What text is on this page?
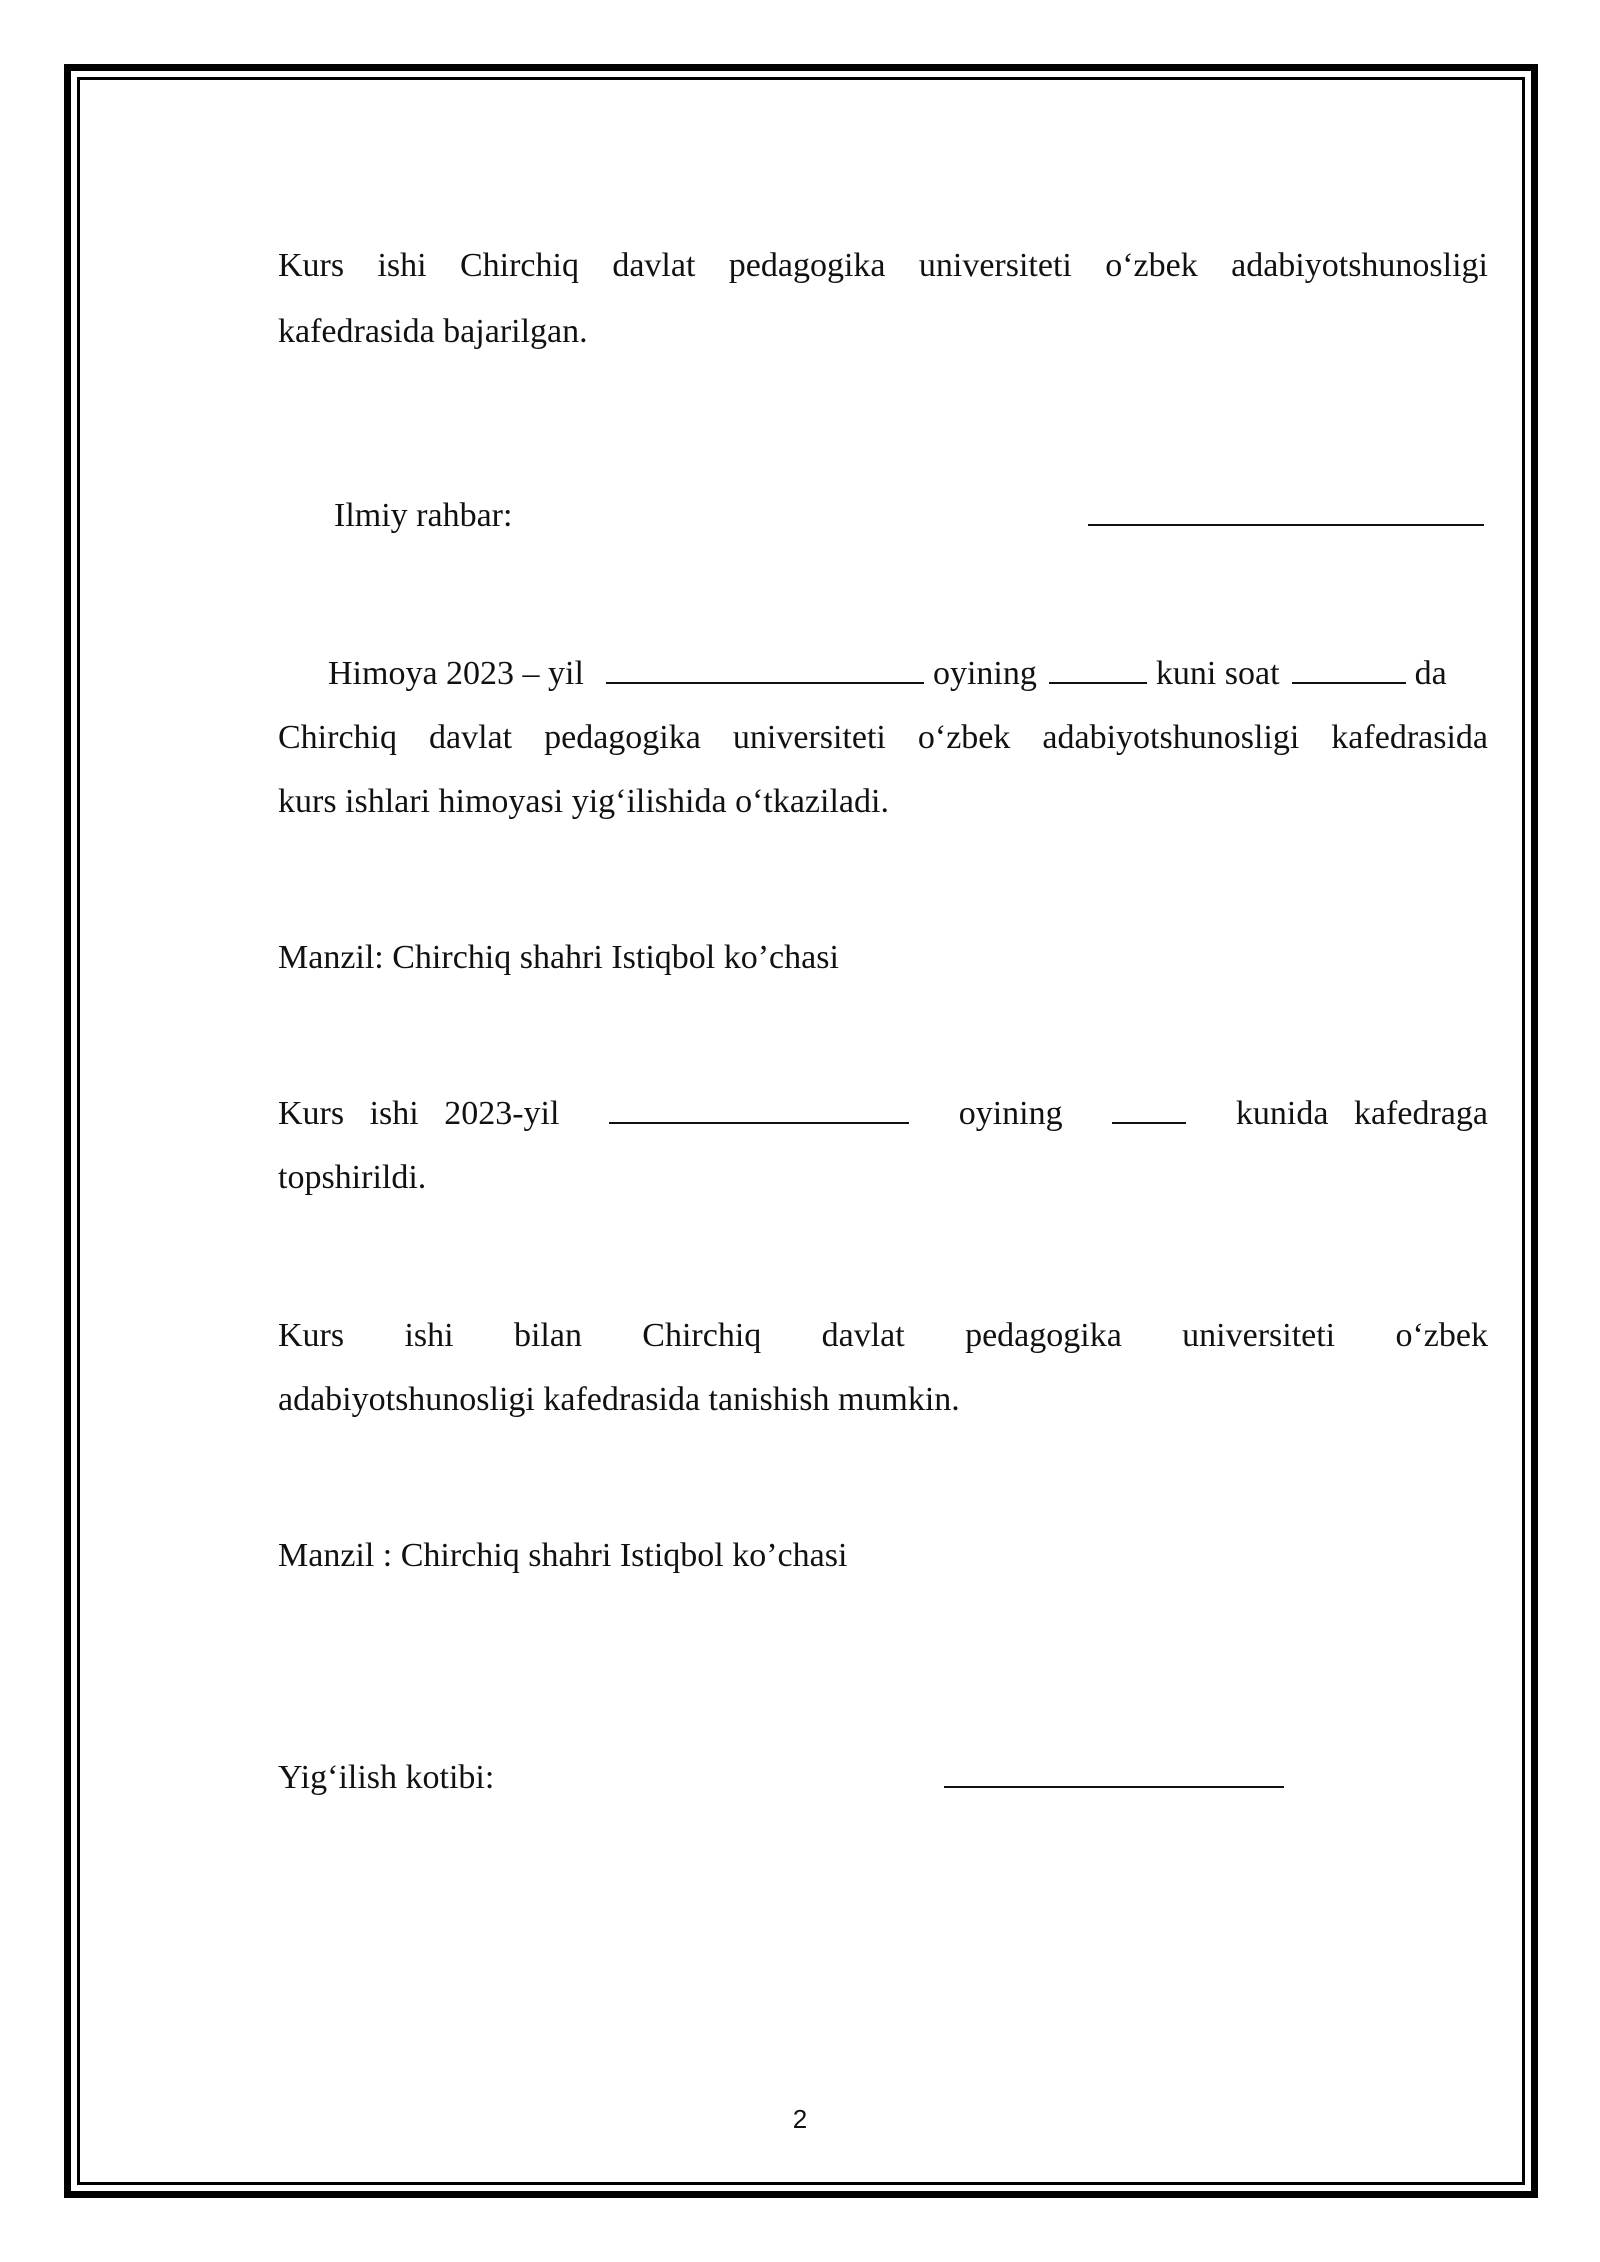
Kurs ishi Chirchiq davlat pedagogika universiteti o‘zbek adabiyotshunosligi
kafedrasida bajarilgan.
Ilmiy rahbar:
Himoya 2023 – yil	oyining	kuni soat	da
Chirchiq davlat pedagogika universiteti o‘zbek adabiyotshunosligi kafedrasida
kurs ishlari himoyasi yig‘ilishida o‘tkaziladi.
Manzil: Chirchiq shahri Istiqbol ko’chasi
Kurs   ishi   2023-yil	oyining	kunida   kafedraga
topshirildi.
Kurs ishi bilan Chirchiq davlat pedagogika universiteti o‘zbek
adabiyotshunosligi kafedrasida tanishish mumkin.
Manzil : Chirchiq shahri Istiqbol ko’chasi
Yig‘ilish kotibi:
2
